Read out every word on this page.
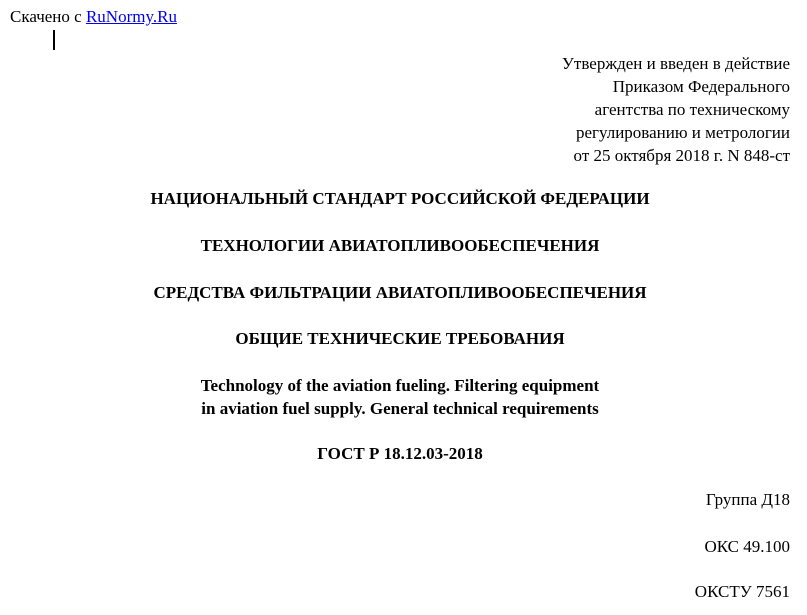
Скачено с RuNormy.Ru
Утвержден и введен в действие
Приказом Федерального
агентства по техническому
регулированию и метрологии
от 25 октября 2018 г. N 848-ст
НАЦИОНАЛЬНЫЙ СТАНДАРТ РОССИЙСКОЙ ФЕДЕРАЦИИ
ТЕХНОЛОГИИ АВИАТОПЛИВООБЕСПЕЧЕНИЯ
СРЕДСТВА ФИЛЬТРАЦИИ АВИАТОПЛИВООБЕСПЕЧЕНИЯ
ОБЩИЕ ТЕХНИЧЕСКИЕ ТРЕБОВАНИЯ
Technology of the aviation fueling. Filtering equipment
in aviation fuel supply. General technical requirements
ГОСТ Р 18.12.03-2018
Группа Д18
ОКС 49.100
ОКСТУ 7561
